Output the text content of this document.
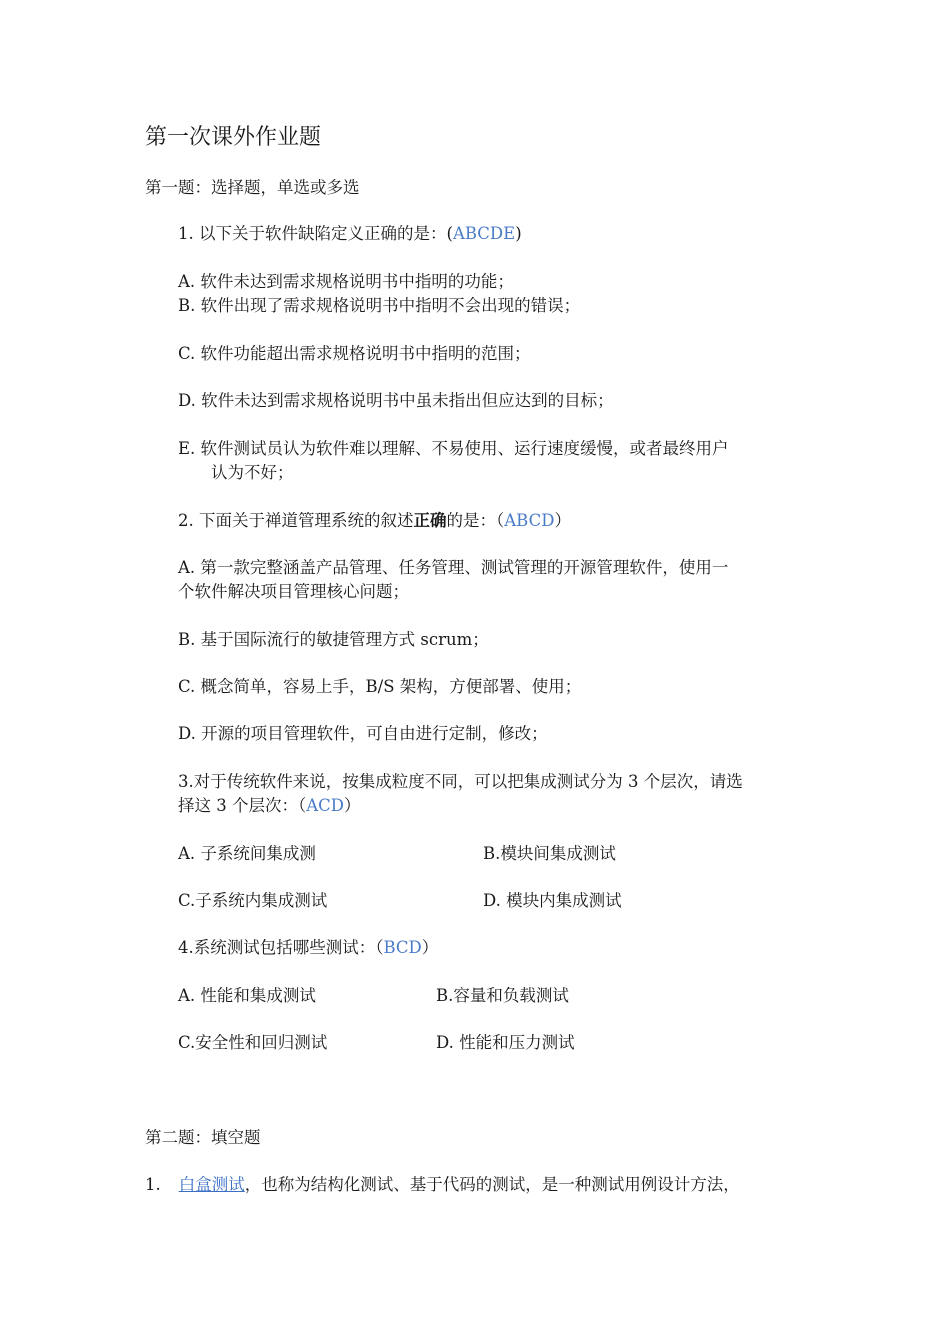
第一次课外作业题
第一题：选择题，单选或多选
1. 以下关于软件缺陷定义正确的是：(ABCDE)
A. 软件未达到需求规格说明书中指明的功能；
B. 软件出现了需求规格说明书中指明不会出现的错误；
C. 软件功能超出需求规格说明书中指明的范围；
D. 软件未达到需求规格说明书中虽未指出但应达到的目标；
E. 软件测试员认为软件难以理解、不易使用、运行速度缓慢，或者最终用户
认为不好；
2. 下面关于禅道管理系统的叙述正确的是：（ABCD）
A. 第一款完整涵盖产品管理、任务管理、测试管理的开源管理软件，使用一
个软件解决项目管理核心问题；
B. 基于国际流行的敏捷管理方式 scrum；
C. 概念简单，容易上手，B/S 架构，方便部署、使用；
D. 开源的项目管理软件，可自由进行定制，修改；
3.对于传统软件来说，按集成粒度不同，可以把集成测试分为 3 个层次，请选
择这 3 个层次：（ACD）
A. 子系统间集成测	B.模块间集成测试
C.子系统内集成测试	D. 模块内集成测试
4.系统测试包括哪些测试：（BCD）
A. 性能和集成测试	B.容量和负载测试
C.安全性和回归测试	D. 性能和压力测试
第二题：填空题
1. 白盒测试，也称为结构化测试、基于代码的测试，是一种测试用例设计方法，
